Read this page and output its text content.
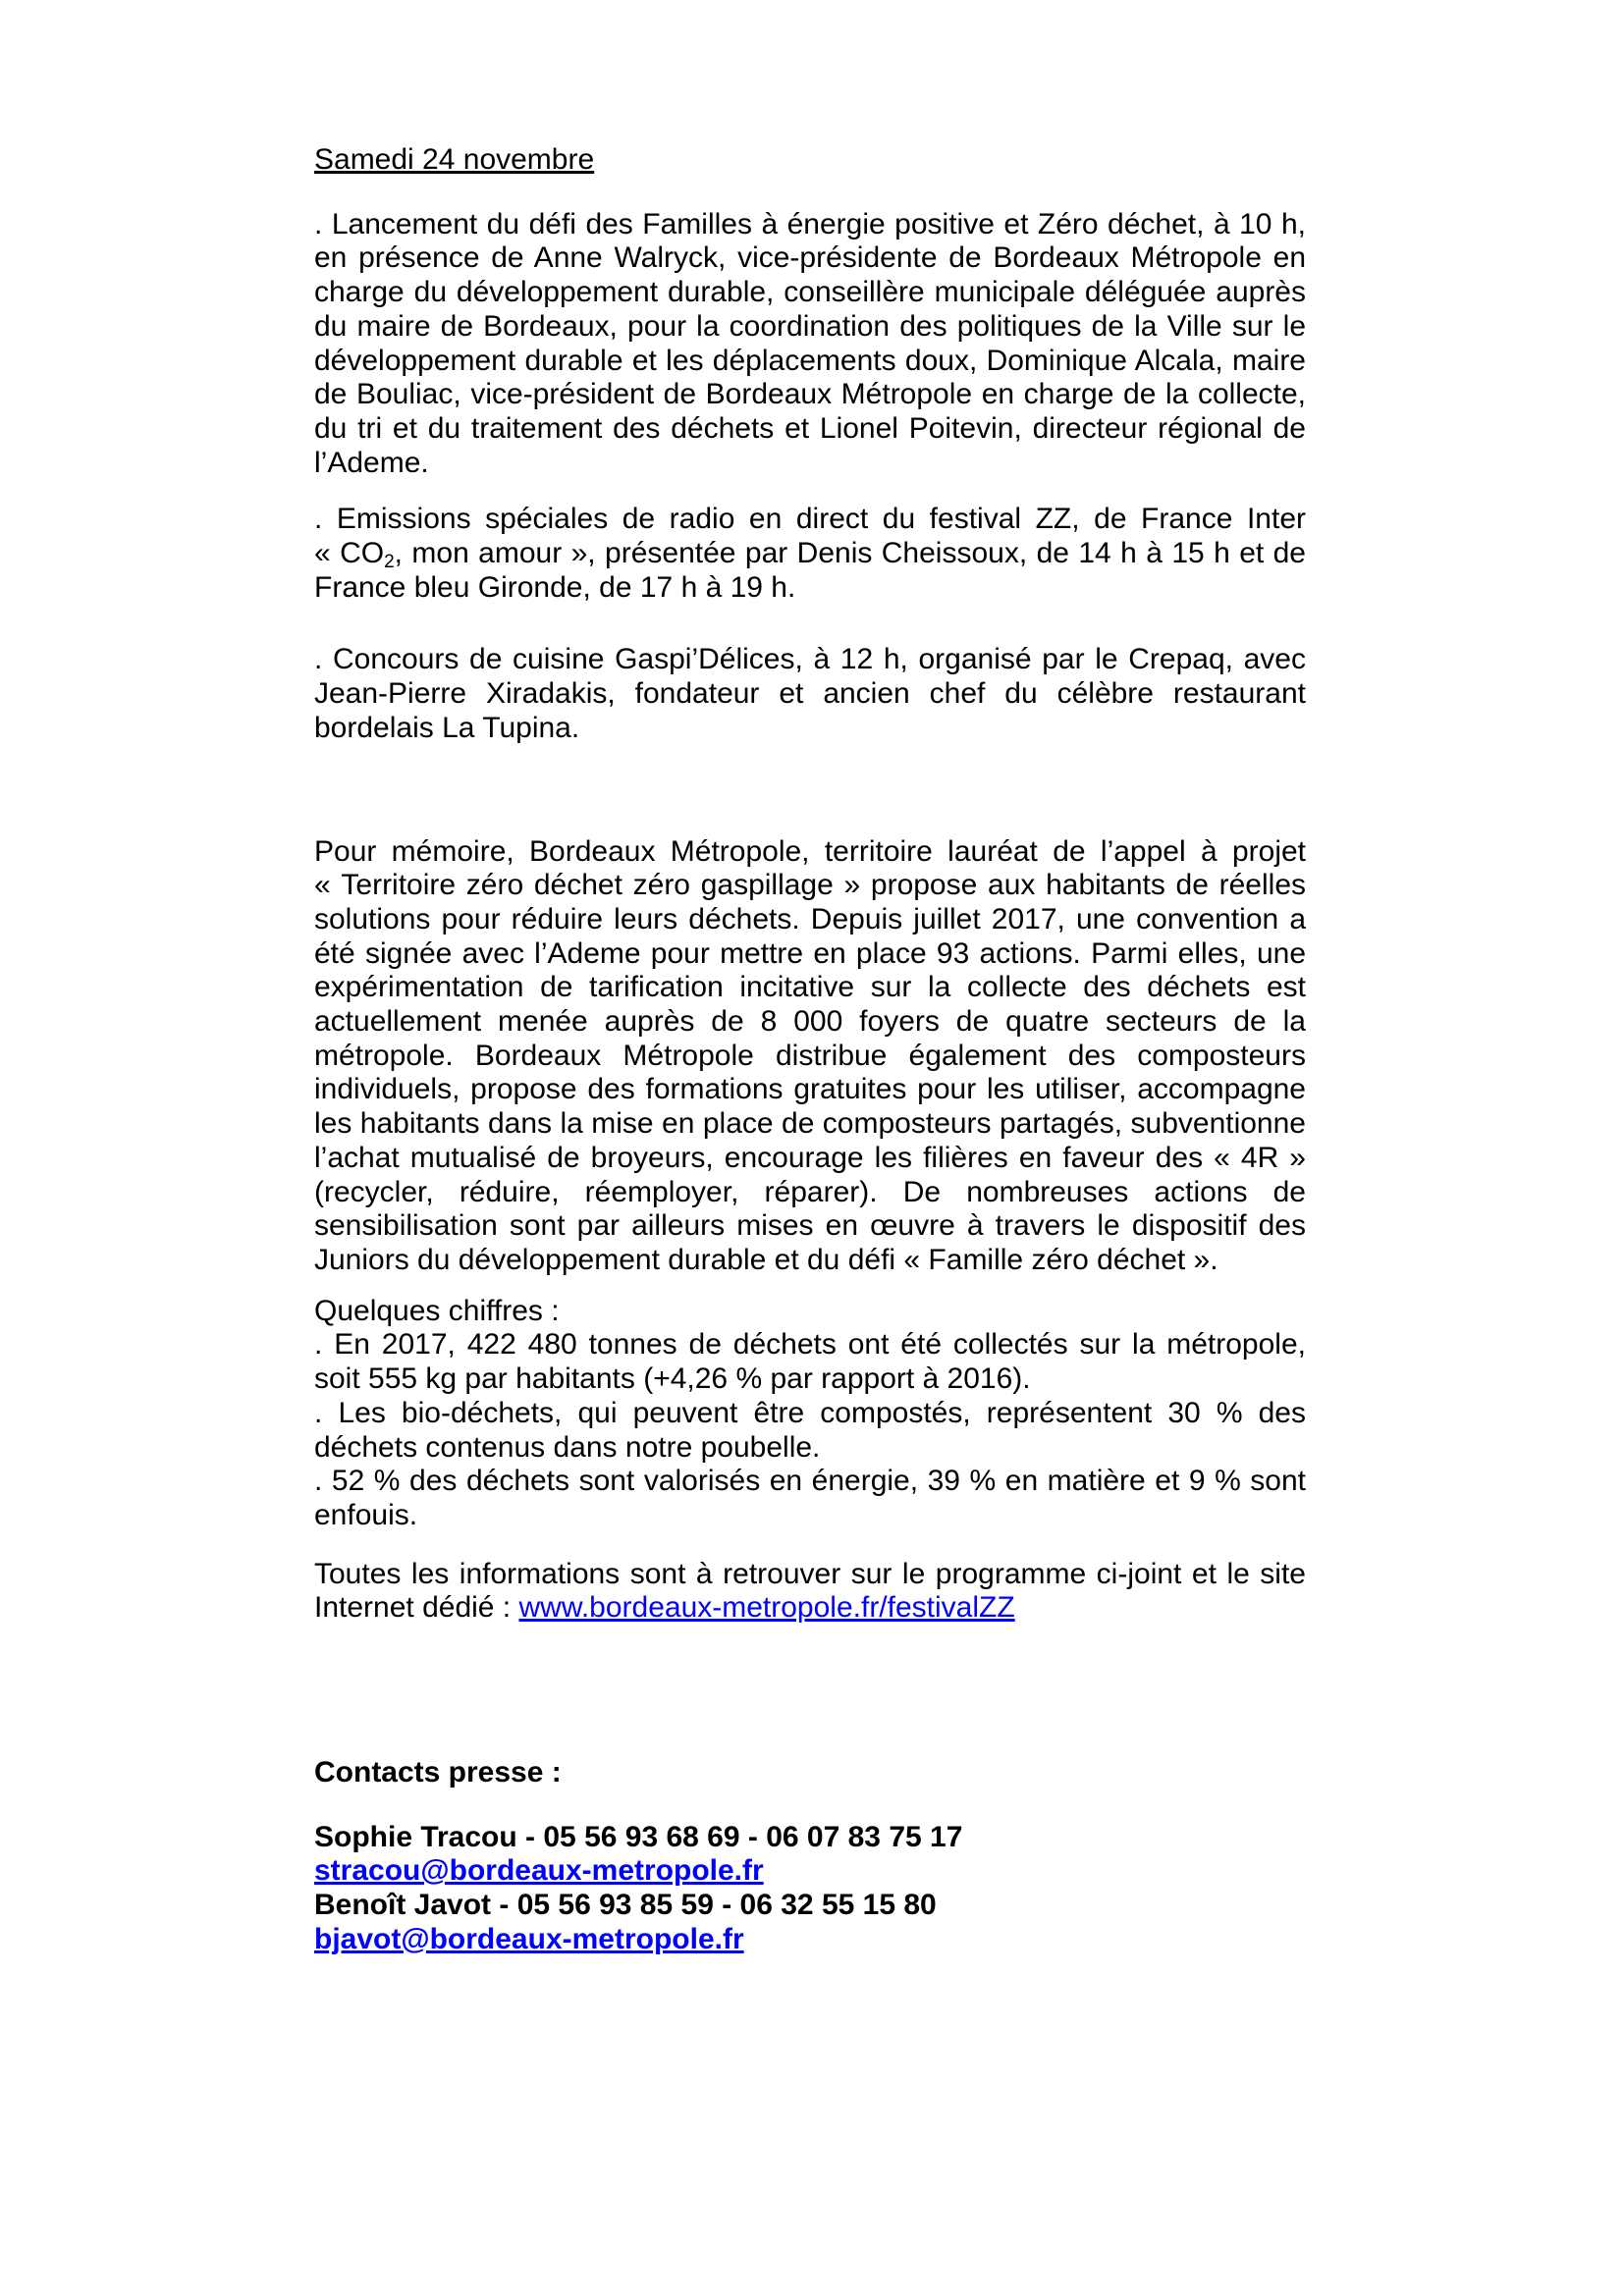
Samedi 24 novembre

. Lancement du défi des Familles à énergie positive et Zéro déchet, à 10 h, en présence de Anne Walryck, vice-présidente de Bordeaux Métropole en charge du développement durable, conseillère municipale déléguée auprès du maire de Bordeaux, pour la coordination des politiques de la Ville sur le développement durable et les déplacements doux, Dominique Alcala, maire de Bouliac, vice-président de Bordeaux Métropole en charge de la collecte, du tri et du traitement des déchets et Lionel Poitevin, directeur régional de l’Ademe.

. Emissions spéciales de radio en direct du festival ZZ, de France Inter « $CO_2$, mon amour », présentée par Denis Cheissoux, de 14 h à 15 h et de France bleu Gironde, de 17 h à 19 h.

. Concours de cuisine Gaspi’Délices, à 12 h, organisé par le Crepaq, avec Jean-Pierre Xiradakis, fondateur et ancien chef du célèbre restaurant bordelais La Tupina.

Pour mémoire, Bordeaux Métropole, territoire lauréat de l’appel à projet « Territoire zéro déchet zéro gaspillage » propose aux habitants de réelles solutions pour réduire leurs déchets. Depuis juillet 2017, une convention a été signée avec l’Ademe pour mettre en place 93 actions. Parmi elles, une expérimentation de tarification incitative sur la collecte des déchets est actuellement menée auprès de 8 000 foyers de quatre secteurs de la métropole. Bordeaux Métropole distribue également des composteurs individuels, propose des formations gratuites pour les utiliser, accompagne les habitants dans la mise en place de composteurs partagés, subventionne l’achat mutualisé de broyeurs, encourage les filières en faveur des « 4R » (recycler, réduire, réemployer, réparer). De nombreuses actions de sensibilisation sont par ailleurs mises en œuvre à travers le dispositif des Juniors du développement durable et du défi « Famille zéro déchet ».

Quelques chiffres :

. En 2017, 422 480 tonnes de déchets ont été collectés sur la métropole, soit 555 kg par habitants (+4,26 % par rapport à 2016).

. Les bio-déchets, qui peuvent être compostés, représentent 30 % des déchets contenus dans notre poubelle.

. 52 % des déchets sont valorisés en énergie, 39 % en matière et 9 % sont enfouis.

Toutes les informations sont à retrouver sur le programme ci-joint et le site Internet dédié : www.bordeaux-metropole.fr/festivalZZ

Contacts presse :

Sophie Tracou - 05 56 93 68 69 - 06 07 83 75 17

stracou@bordeaux-metropole.fr

Benoît Javot - 05 56 93 85 59 - 06 32 55 15 80

bjavot@bordeaux-metropole.fr
